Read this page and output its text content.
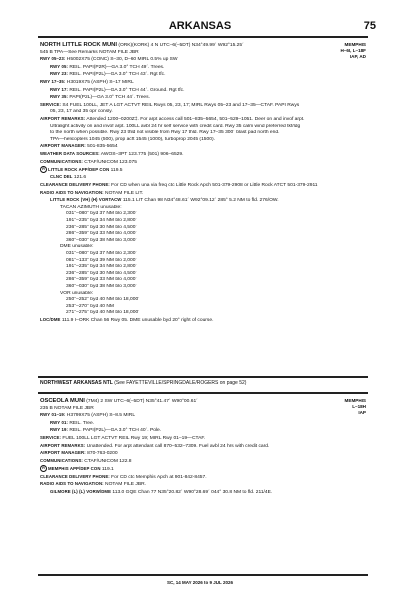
ARKANSAS	75
MEMPHIS
H–6I, L–18F
IAP, AD
NORTH LITTLE ROCK MUNI (ORK)(KORK) 4 N UTC–6(–5DT) N34°49.99´ W92°15.25´
545 B TPA—See Remarks NOTAM FILE JBR
RWY 05–23: H5002X75 (CONC) S–30, D–60 MIRL 0.5% up SW
RWY 05: REIL. PAPI(P2R)—GA 3.0° TCH 49´. Trees.
RWY 23: REIL. PAPI(P2L)—GA 3.0° TCH 43´. Rgt tfc.
RWY 17–35: H3019X75 (ASPH) S–17 MIRL
RWY 17: REIL. PAPI(P2L)—GA 3.0° TCH 44´. Ground. Rgt tfc.
RWY 35: PAPI(P2L)—GA 3.0° TCH 44´. Trees.
SERVICE: S4 FUEL 100LL, JET A LGT ACTVT REIL Rwys 05, 23, 17; MIRL Rwys 05–23 and 17–35—CTAF. PAPI Rwys
05, 23, 17 and 35 opr consly.
AIRPORT REMARKS: Attended 1200–0200Z‡. For arpt access call 501–835–5654, 501–529–1051. Deer on and invof arpt.
Ultralight activity on and invof arpt. 100LL avbl 24 hr self service with credit card. Rwy 35 calm wind preferred tkf/ldg
to the north when possible. Rwy 23 thld not visible from Rwy 17 thld. Rwy 17–35 300´ blast pad north end.
TPA—helicopters 1045 (500), prop acft 1545 (1000), turboprop 2045 (1500).
AIRPORT MANAGER: 501-835-5654
WEATHER DATA SOURCES: AWOS–3PT 123.775 (501) 906–6529.
COMMUNICATIONS: CTAF/UNICOM 123.075
R LITTLE ROCK APP/DEP CON 119.5
CLNC DEL 121.6
CLEARANCE DELIVERY PHONE: For CD when una via freq ctc Little Rock Apch 501-379-2908 or Little Rock ATCT 501-379-2911
RADIO AIDS TO NAVIGATION: NOTAM FILE LIT.
LITTLE ROCK (VH) (H) VORTACW 115.1 LIT Chan 98 N34°48.61´ W92°09.12´ 285° 5.2 NM to fld. 276/OW.
TACAN AZIMUTH unusable:
031°–080° byd 37 NM blo 2,300´
191°–235° byd 34 NM blo 2,800´
236°–285° byd 30 NM blo 4,500´
286°–359° byd 33 NM blo 4,000´
360°–030° byd 38 NM blo 3,000´
DME unusable:
031°–080° byd 37 NM blo 2,300´
081°–133° byd 39 NM blo 2,000´
191°–235° byd 34 NM blo 2,800´
236°–285° byd 30 NM blo 4,500´
286°–359° byd 33 NM blo 4,000´
360°–030° byd 38 NM blo 3,000´
VOR unusable:
250°–252° byd 40 NM blo 18,000´
253°–270° byd 40 NM
271°–275° byd 40 NM blo 18,000´
LOC/DME 111.9 I–ORK Chan 56 Rwy 05. DME unusable byd 20° right of course.
NORTHWEST ARKANSAS NTL (See FAYETTEVILLE/SPRINGDALE/ROGERS on page 52)
MEMPHIS
L–18H
IAP
OSCEOLA MUNI (7M4) 2 SW UTC–6(–5DT) N35°41.47´ W90°00.61´
235 B NOTAM FILE JBR
RWY 01–19: H3799X75 (ASPH) S–8.5 MIRL
RWY 01: REIL. Tree.
RWY 19: REIL. PAPI(P2L)—GA 3.0° TCH 40´. Pole.
SERVICE: FUEL 100LL LGT ACTVT REIL Rwy 19; MIRL Rwy 01–19—CTAF.
AIRPORT REMARKS: Unattended. For arpt attendant call 870–532–7309. Fuel avbl 24 hrs with credit card.
AIRPORT MANAGER: 870-763-0200
COMMUNICATIONS: CTAF/UNICOM 122.8
R MEMPHIS APP/DEP CON 119.1
CLEARANCE DELIVERY PHONE: For CD ctc Memphis Apch at 901-842-8457.
RADIO AIDS TO NAVIGATION: NOTAM FILE JBR.
GILMORE (L) (L) VORW/DME 113.0 GQE Chan 77 N35°20.82´ W90°28.69´ 044° 30.8 NM to fld. 211/4E.
SC, 14 MAY 2026 to 9 JUL 2026
